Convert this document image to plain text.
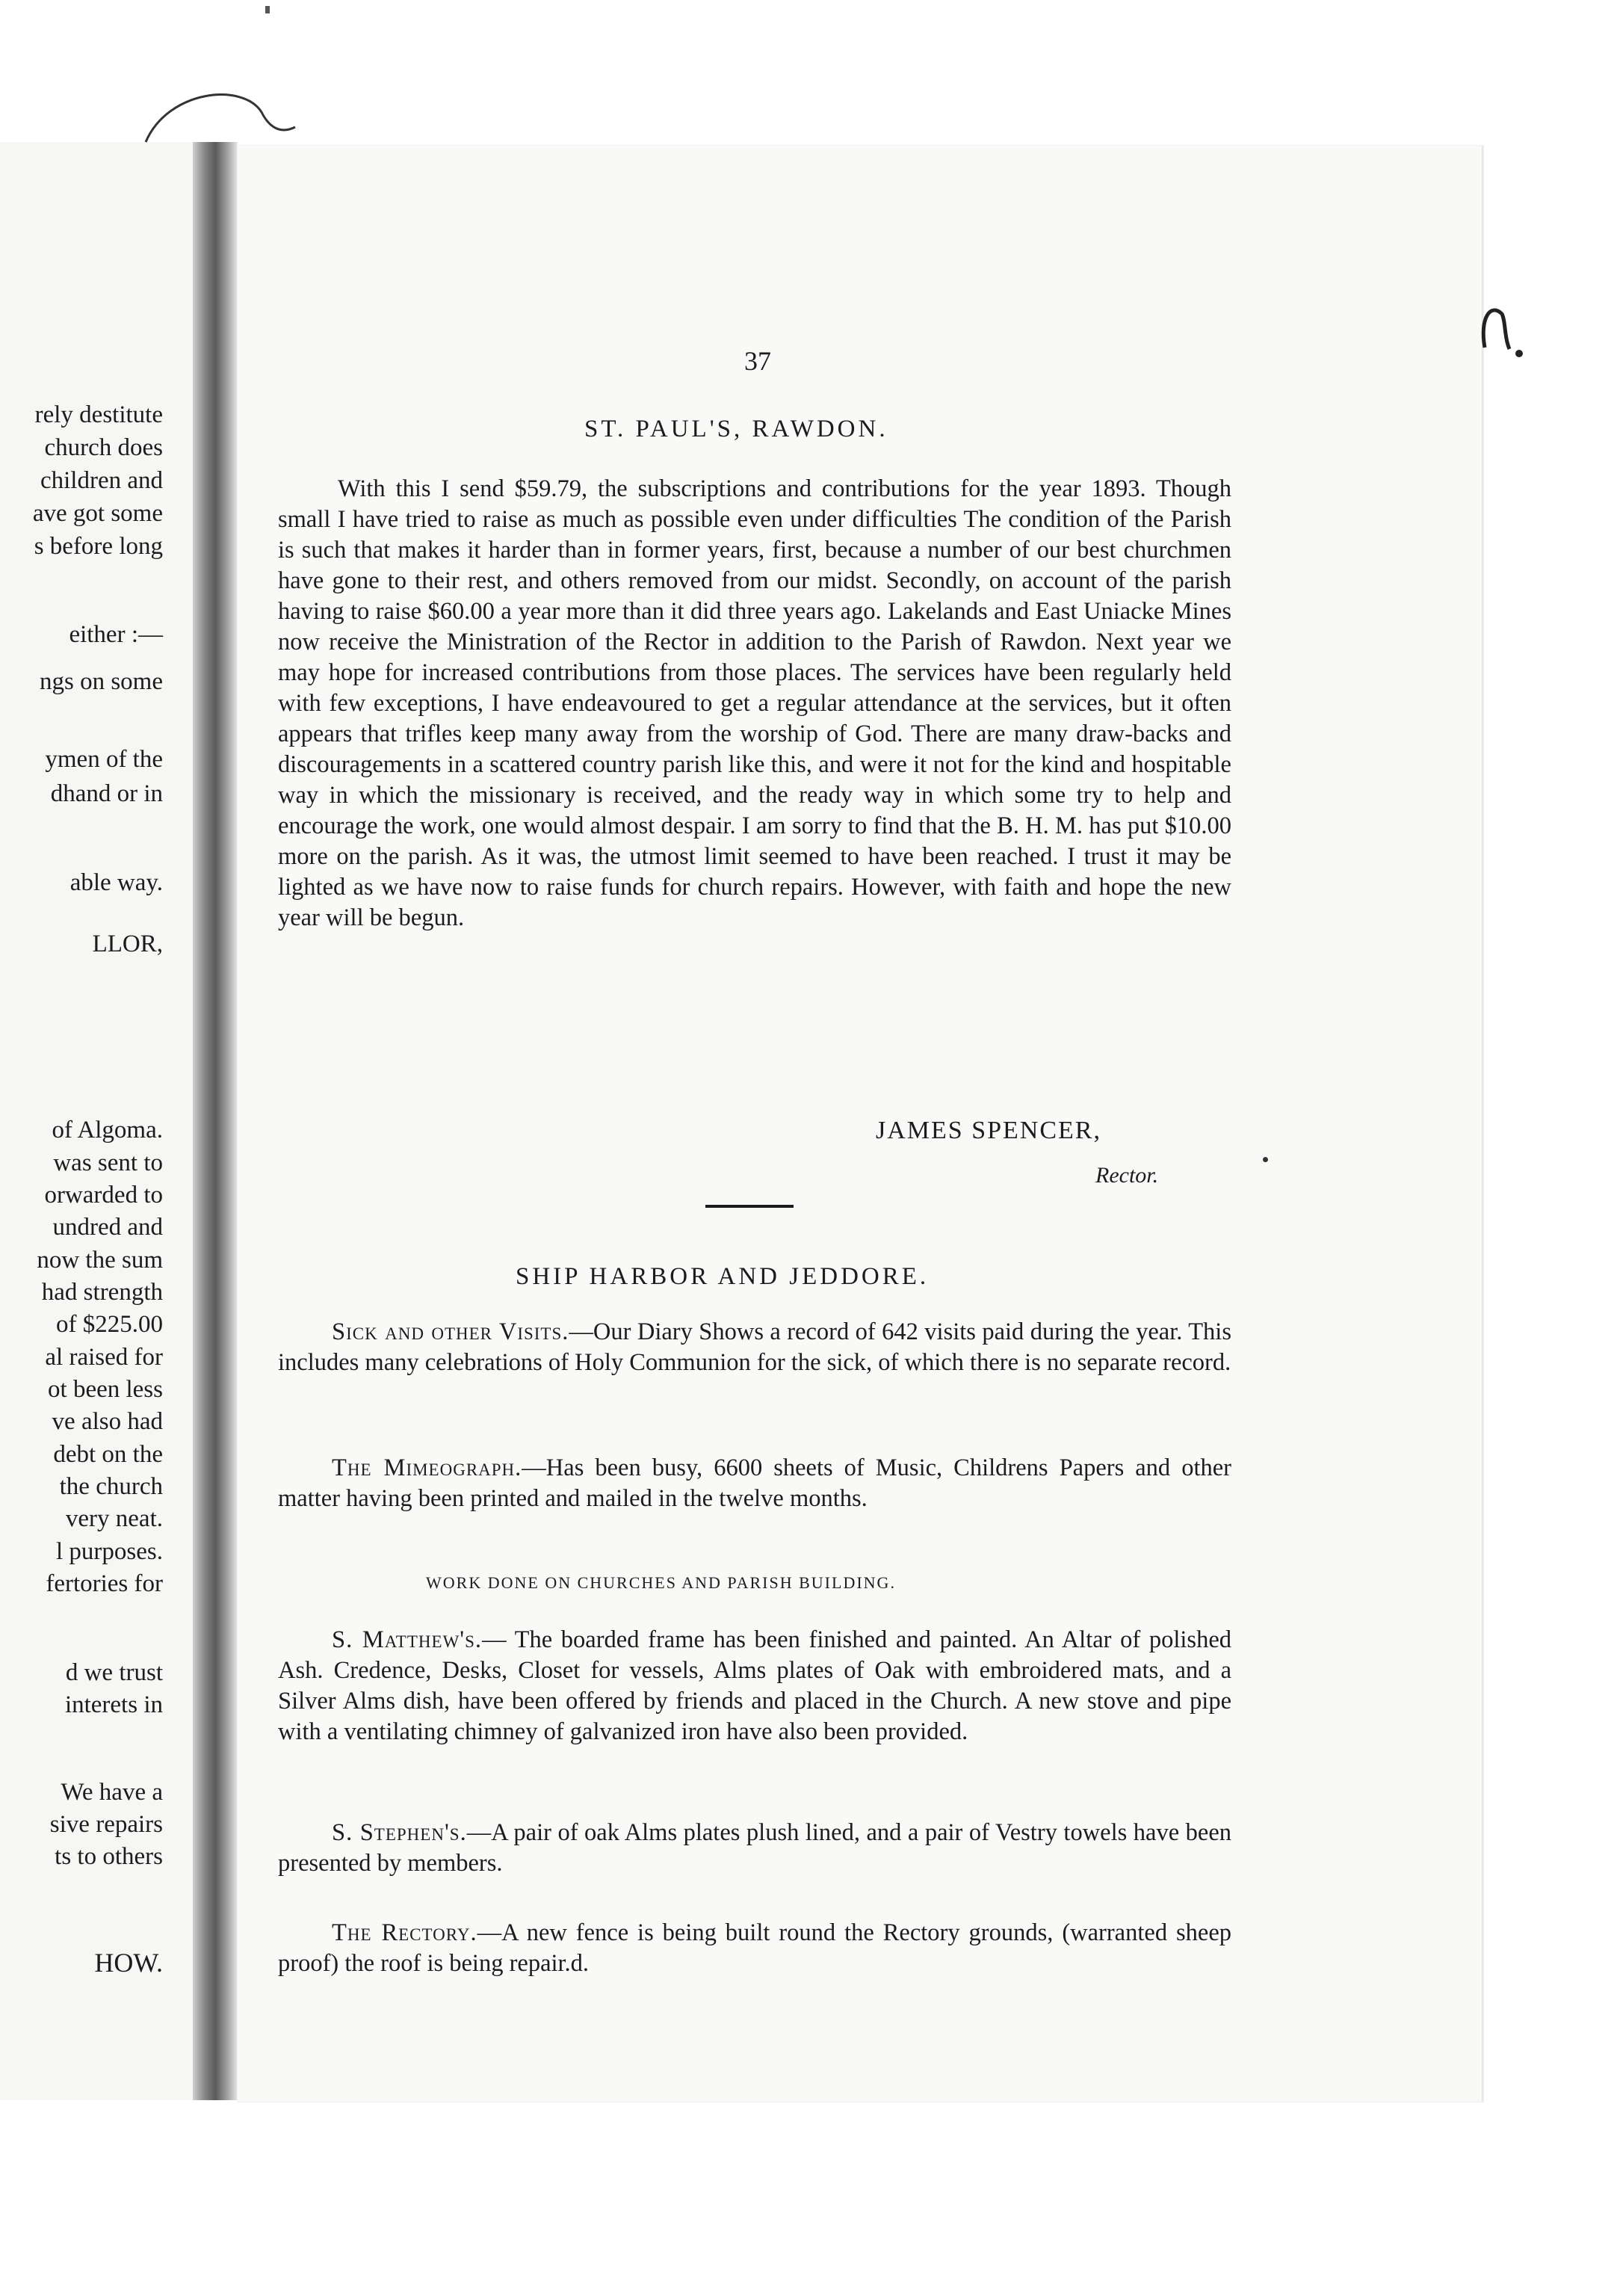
rely destitute
church does
children and
ave got some
s before long
either :—
ngs on some
ymen of the
dhand or in
able way.
LLOR,
of Algoma.
was sent to
orwarded to
undred and
now the sum
had strength
of $225.00
al raised for
ot been less
ve also had
debt on the
the church
very neat.
l purposes.
fertories for
d we trust
interets in
We have a
sive repairs
ts to others
HOW.
37
ST. PAUL'S, RAWDON.

With this I send $59.79, the subscriptions and contributions for the year 1893. Though small I have tried to raise as much as possible even under difficulties The condition of the Parish is such that makes it harder than in former years, first, because a number of our best churchmen have gone to their rest, and others removed from our midst. Secondly, on account of the parish having to raise $60.00 a year more than it did three years ago. Lakelands and East Uniacke Mines now receive the Ministration of the Rector in addition to the Parish of Rawdon. Next year we may hope for increased contributions from those places. The services have been regularly held with few exceptions, I have endeavoured to get a regular attendance at the services, but it often appears that trifles keep many away from the worship of God. There are many draw-backs and discouragements in a scattered country parish like this, and were it not for the kind and hospitable way in which the missionary is received, and the ready way in which some try to help and encourage the work, one would almost despair. I am sorry to find that the B. H. M. has put $10.00 more on the parish. As it was, the utmost limit seemed to have been reached. I trust it may be lighted as we have now to raise funds for church repairs. However, with faith and hope the new year will be begun.

JAMES SPENCER,
Rector.
SHIP HARBOR AND JEDDORE.
Sick and other Visits.—Our Diary Shows a record of 642 visits paid during the year. This includes many celebrations of Holy Communion for the sick, of which there is no separate record.
The Mimeograph.—Has been busy, 6600 sheets of Music, Childrens Papers and other matter having been printed and mailed in the twelve months.
WORK DONE ON CHURCHES AND PARISH BUILDING.
S. Matthew's.— The boarded frame has been finished and painted. An Altar of polished Ash. Credence, Desks, Closet for vessels, Alms plates of Oak with embroidered mats, and a Silver Alms dish, have been offered by friends and placed in the Church. A new stove and pipe with a ventilating chimney of galvanized iron have also been provided.
S. Stephen's.—A pair of oak Alms plates plush lined, and a pair of Vestry towels have been presented by members.
The Rectory.—A new fence is being built round the Rectory grounds, (warranted sheep proof) the roof is being repair.d.
